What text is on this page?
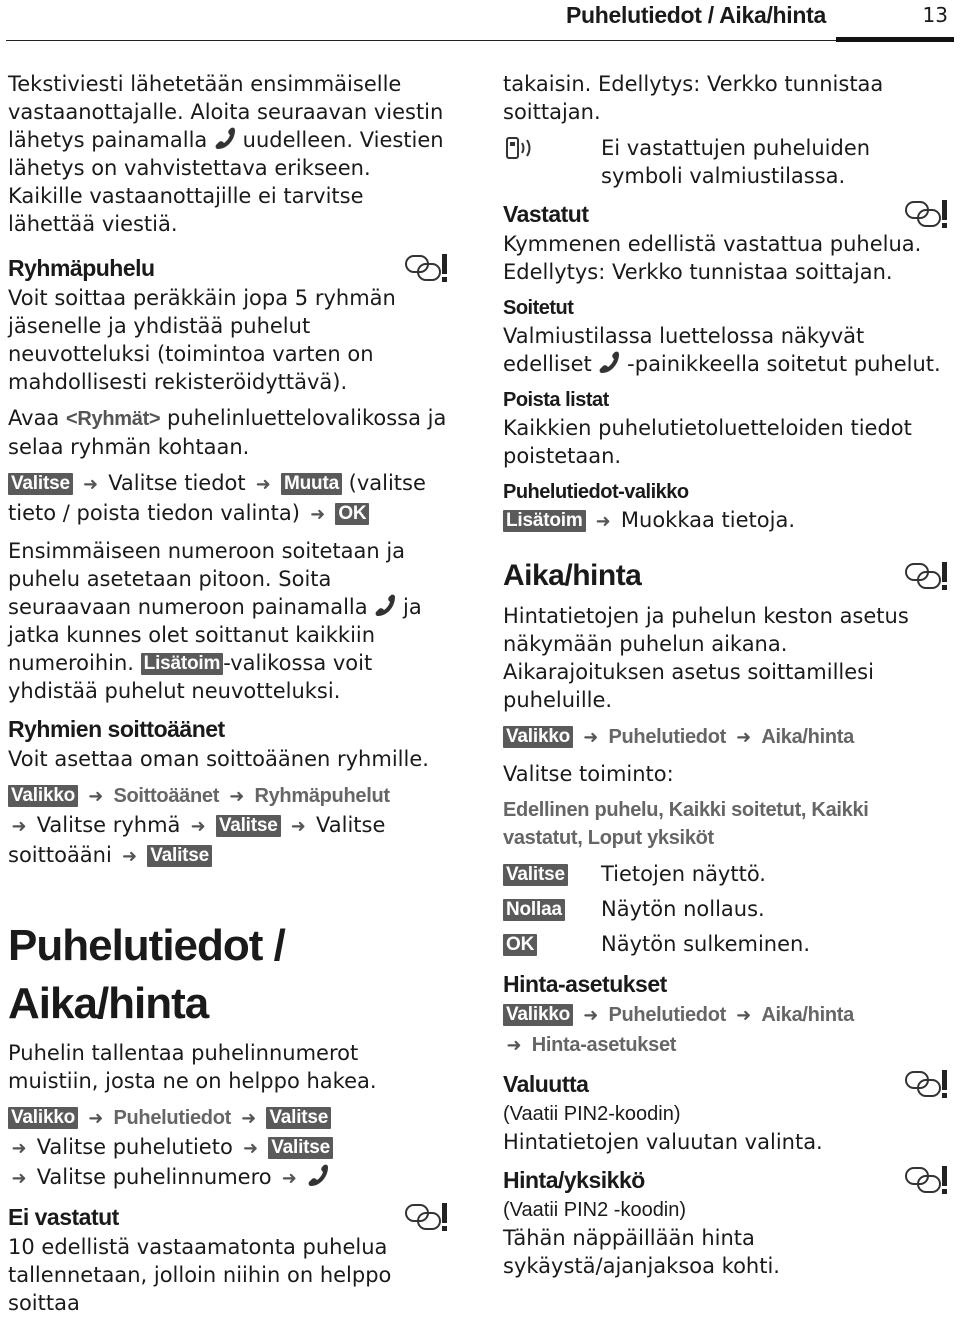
Puhelutiedot / Aika/hinta	13

Tekstiviesti lähetetään ensimmäiselle vastaanottajalle. Aloita seuraavan viestin lähetys painamalla uudelleen. Viestien lähetys on vahvistettava erikseen. Kaikille vastaanottajille ei tarvitse lähettää viestiä.

Ryhmäpuhelu

Voit soittaa peräkkäin jopa 5 ryhmän jäsenelle ja yhdistää puhelut neuvotteluksi (toimintoa varten on mahdollisesti rekisteröidyttävä).

Avaa <Ryhmät> puhelinluettelovalikossa ja selaa ryhmän kohtaan.

Valitse ➜ Valitse tiedot ➜ Muuta (valitse tieto / poista tiedon valinta) ➜ OK

Ensimmäiseen numeroon soitetaan ja puhelu asetetaan pitoon. Soita seuraavaan numeroon painamalla ja jatka kunnes olet soittanut kaikkiin numeroihin. Lisätoim -valikossa voit yhdistää puhelut neuvotteluksi.

Ryhmien soittoäänet

Voit asettaa oman soittoäänen ryhmille.

Valikko ➜ Soittoäänet ➜ Ryhmäpuhelut
➜ Valitse ryhmä ➜ Valitse ➜ Valitse soittoääni ➜ Valitse

Puhelutiedot / Aika/hinta

Puhelin tallentaa puhelinnumerot muistiin, josta ne on helppo hakea.

Valikko ➜ Puhelutiedot ➜ Valitse
➜ Valitse puhelutieto ➜ Valitse
➜ Valitse puhelinnumero ➜

Ei vastatut

10 edellistä vastaamatonta puhelua tallennetaan, jolloin niihin on helppo soittaa

takaisin. Edellytys: Verkko tunnistaa soittajan.

Ei vastattujen puheluiden symboli valmiustilassa.

Vastatut

Kymmenen edellistä vastattua puhelua. Edellytys: Verkko tunnistaa soittajan.

Soitetut

Valmiustilassa luettelossa näkyvät edelliset -painikkeella soitetut puhelut.

Poista listat

Kaikkien puhelutietoluetteloiden tiedot poistetaan.

Puhelutiedot-valikko

Lisätoim ➜ Muokkaa tietoja.

Aika/hinta

Hintatietojen ja puhelun keston asetus näkymään puhelun aikana. Aikarajoituksen asetus soittamillesi puheluille.

Valikko ➜ Puhelutiedot ➜ Aika/hinta

Valitse toiminto:

Edellinen puhelu, Kaikki soitetut, Kaikki vastatut, Loput yksiköt

Valitse	Tietojen näyttö.

Nollaa	Näytön nollaus.

OK	Näytön sulkeminen.

Hinta-asetukset

Valikko ➜ Puhelutiedot ➜ Aika/hinta
➜ Hinta-asetukset

Valuutta

(Vaatii PIN2-koodin)

Hintatietojen valuutan valinta.

Hinta/yksikkö

(Vaatii PIN2 -koodin)

Tähän näppäillään hinta sykäystä/ajanjaksoa kohti.
